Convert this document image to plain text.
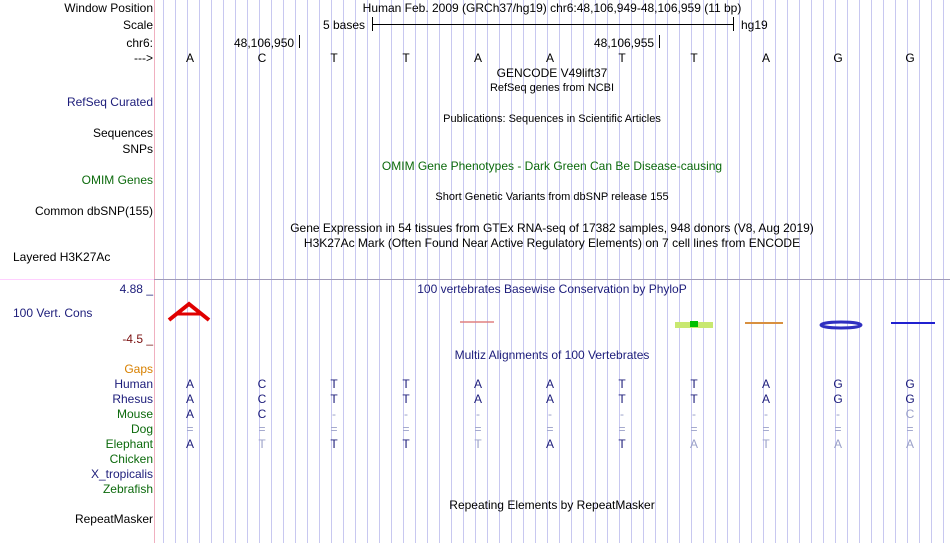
Window Position	Human Feb. 2009 (GRCh37/hg19) chr6:48,106,949-48,106,959 (11 bp)
Scale	5 bases	hg19
chr6:	48,106,950	48,106,955
--->	A	C	T	T	A	A	T	T	A	G	G
GENCODE V49lift37
RefSeq genes from NCBI
RefSeq Curated
Publications: Sequences in Scientific Articles
Sequences
SNPs
OMIM Gene Phenotypes - Dark Green Can Be Disease-causing
OMIM Genes
Short Genetic Variants from dbSNP release 155
Common dbSNP(155)
Gene Expression in 54 tissues from GTEx RNA-seq of 17382 samples, 948 donors (V8, Aug 2019)
H3K27Ac Mark (Often Found Near Active Regulatory Elements) on 7 cell lines from ENCODE
Layered H3K27Ac
4.88 _	100 vertebrates Basewise Conservation by PhyloP
100 Vert. Cons
-4.5 _
Multiz Alignments of 100 Vertebrates
Gaps
Human	A	C	T	T	A	A	T	T	A	G	G
Rhesus	A	C	T	T	A	A	T	T	A	G	G
Mouse	A	C	-	-	-	-	-	-	-	-	C
Dog	=	=	=	=	=	=	=	=	=	=	=
Elephant	A	T	T	T	T	A	T	A	T	A	A
Chicken
X_tropicalis
Zebrafish
Repeating Elements by RepeatMasker
RepeatMasker
